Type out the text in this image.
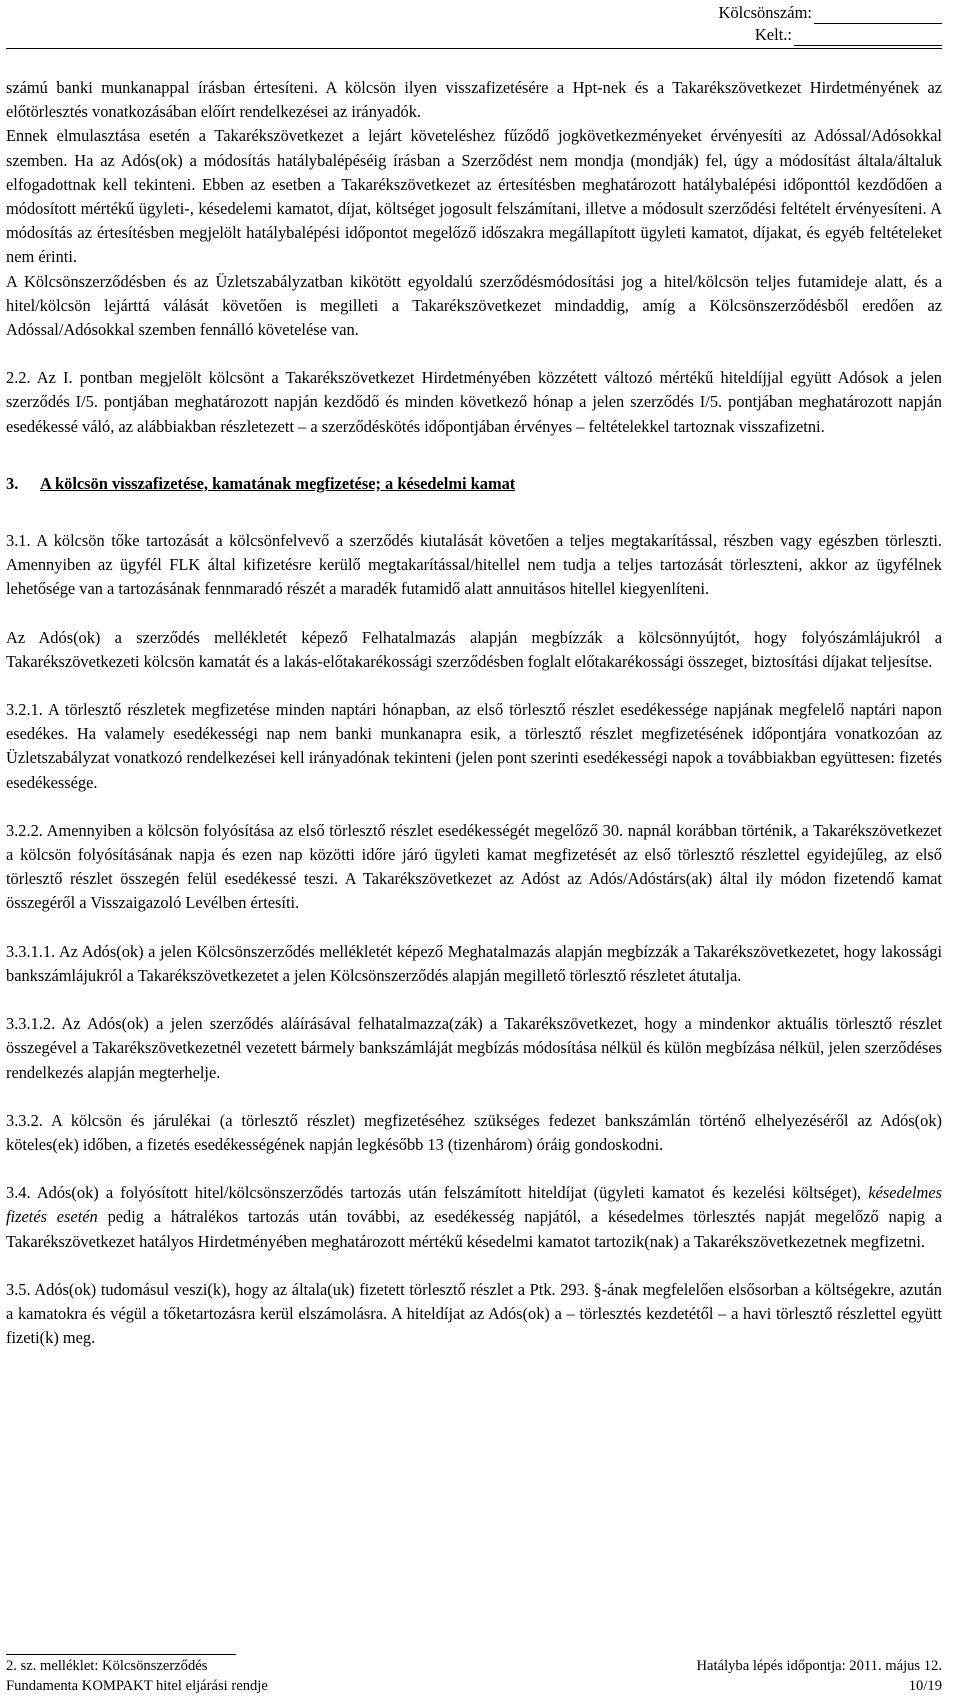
Kölcsönszám:
Kelt.:

számú banki munkanappal írásban értesíteni. A kölcsön ilyen visszafizetésére a Hpt-nek és a Takarékszövetkezet Hirdetményének az előtörlesztés vonatkozásában előírt rendelkezései az irányadók.

Ennek elmulasztása esetén a Takarékszövetkezet a lejárt követeléshez fűződő jogkövetkezményeket érvényesíti az Adóssal/Adósokkal szemben. Ha az Adós(ok) a módosítás hatálybalépéséig írásban a Szerződést nem mondja (mondják) fel, úgy a módosítást általa/általuk elfogadottnak kell tekinteni. Ebben az esetben a Takarékszövetkezet az értesítésben meghatározott hatálybalépési időponttól kezdődően a módosított mértékű ügyleti-, késedelemi kamatot, díjat, költséget jogosult felszámítani, illetve a módosult szerződési feltételt érvényesíteni. A módosítás az értesítésben megjelölt hatálybalépési időpontot megelőző időszakra megállapított ügyleti kamatot, díjakat, és egyéb feltételeket nem érinti.

A Kölcsönszerződésben és az Üzletszabályzatban kikötött egyoldalú szerződésmódosítási jog a hitel/kölcsön teljes futamideje alatt, és a hitel/kölcsön lejárttá válását követően is megilleti a Takarékszövetkezet mindaddig, amíg a Kölcsönszerződésből eredően az Adóssal/Adósokkal szemben fennálló követelése van.

2.2. Az I. pontban megjelölt kölcsönt a Takarékszövetkezet Hirdetményében közzétett változó mértékű hiteldíjjal együtt Adósok a jelen szerződés I/5. pontjában meghatározott napján kezdődő és minden következő hónap a jelen szerződés I/5. pontjában meghatározott napján esedékessé váló, az alábbiakban részletezett – a szerződéskötés időpontjában érvényes – feltételekkel tartoznak visszafizetni.

3.	A kölcsön visszafizetése, kamatának megfizetése; a késedelmi kamat

3.1. A kölcsön tőke tartozását a kölcsönfelvevő a szerződés kiutalását követően a teljes megtakarítással, részben vagy egészben törleszti. Amennyiben az ügyfél FLK által kifizetésre kerülő megtakarítással/hitellel nem tudja a teljes tartozását törleszteni, akkor az ügyfélnek lehetősége van a tartozásának fennmaradó részét a maradék futamidő alatt annuitásos hitellel kiegyenlíteni.

Az Adós(ok) a szerződés mellékletét képező Felhatalmazás alapján megbízzák a kölcsönnyújtót, hogy folyószámlájukról a Takarékszövetkezeti kölcsön kamatát és a lakás-előtakarékossági szerződésben foglalt előtakarékossági összeget, biztosítási díjakat teljesítse.

3.2.1. A törlesztő részletek megfizetése minden naptári hónapban, az első törlesztő részlet esedékessége napjának megfelelő naptári napon esedékes. Ha valamely esedékességi nap nem banki munkanapra esik, a törlesztő részlet megfizetésének időpontjára vonatkozóan az Üzletszabályzat vonatkozó rendelkezései kell irányadónak tekinteni (jelen pont szerinti esedékességi napok a továbbiakban együttesen: fizetés esedékessége.

3.2.2. Amennyiben a kölcsön folyósítása az első törlesztő részlet esedékességét megelőző 30. napnál korábban történik, a Takarékszövetkezet a kölcsön folyósításának napja és ezen nap közötti időre járó ügyleti kamat megfizetését az első törlesztő részlettel egyidejűleg, az első törlesztő részlet összegén felül esedékessé teszi. A Takarékszövetkezet az Adóst az Adós/Adóstárs(ak) által ily módon fizetendő kamat összegéről a Visszaigazoló Levélben értesíti.

3.3.1.1. Az Adós(ok) a jelen Kölcsönszerződés mellékletét képező Meghatalmazás alapján megbízzák a Takarékszövetkezetet, hogy lakossági bankszámlájukról a Takarékszövetkezetet a jelen Kölcsönszerződés alapján megillető törlesztő részletet átutalja.

3.3.1.2. Az Adós(ok) a jelen szerződés aláírásával felhatalmazza(zák) a Takarékszövetkezet, hogy a mindenkor aktuális törlesztő részlet összegével a Takarékszövetkezetnél vezetett bármely bankszámláját megbízás módosítása nélkül és külön megbízása nélkül, jelen szerződéses rendelkezés alapján megterhelje.

3.3.2. A kölcsön és járulékai (a törlesztő részlet) megfizetéséhez szükséges fedezet bankszámlán történő elhelyezéséről az Adós(ok) köteles(ek) időben, a fizetés esedékességének napján legkésőbb 13 (tizenhárom) óráig gondoskodni.

3.4. Adós(ok) a folyósított hitel/kölcsönszerződés tartozás után felszámított hiteldíjat (ügyleti kamatot és kezelési költséget), késedelmes fizetés esetén pedig a hátralékos tartozás után további, az esedékesség napjától, a késedelmes törlesztés napját megelőző napig a Takarékszövetkezet hatályos Hirdetményében meghatározott mértékű késedelmi kamatot tartozik(nak) a Takarékszövetkezetnek megfizetni.

3.5. Adós(ok) tudomásul veszi(k), hogy az általa(uk) fizetett törlesztő részlet a Ptk. 293. §-ának megfelelően elsősorban a költségekre, azután a kamatokra és végül a tőketartozásra kerül elszámolásra. A hiteldíjat az Adós(ok) a – törlesztés kezdetétől – a havi törlesztő részlettel együtt fizeti(k) meg.

2. sz. melléklet: Kölcsönszerződés	Hatályba lépés időpontja: 2011. május 12.
Fundamenta KOMPAKT hitel eljárási rendje	10/19
